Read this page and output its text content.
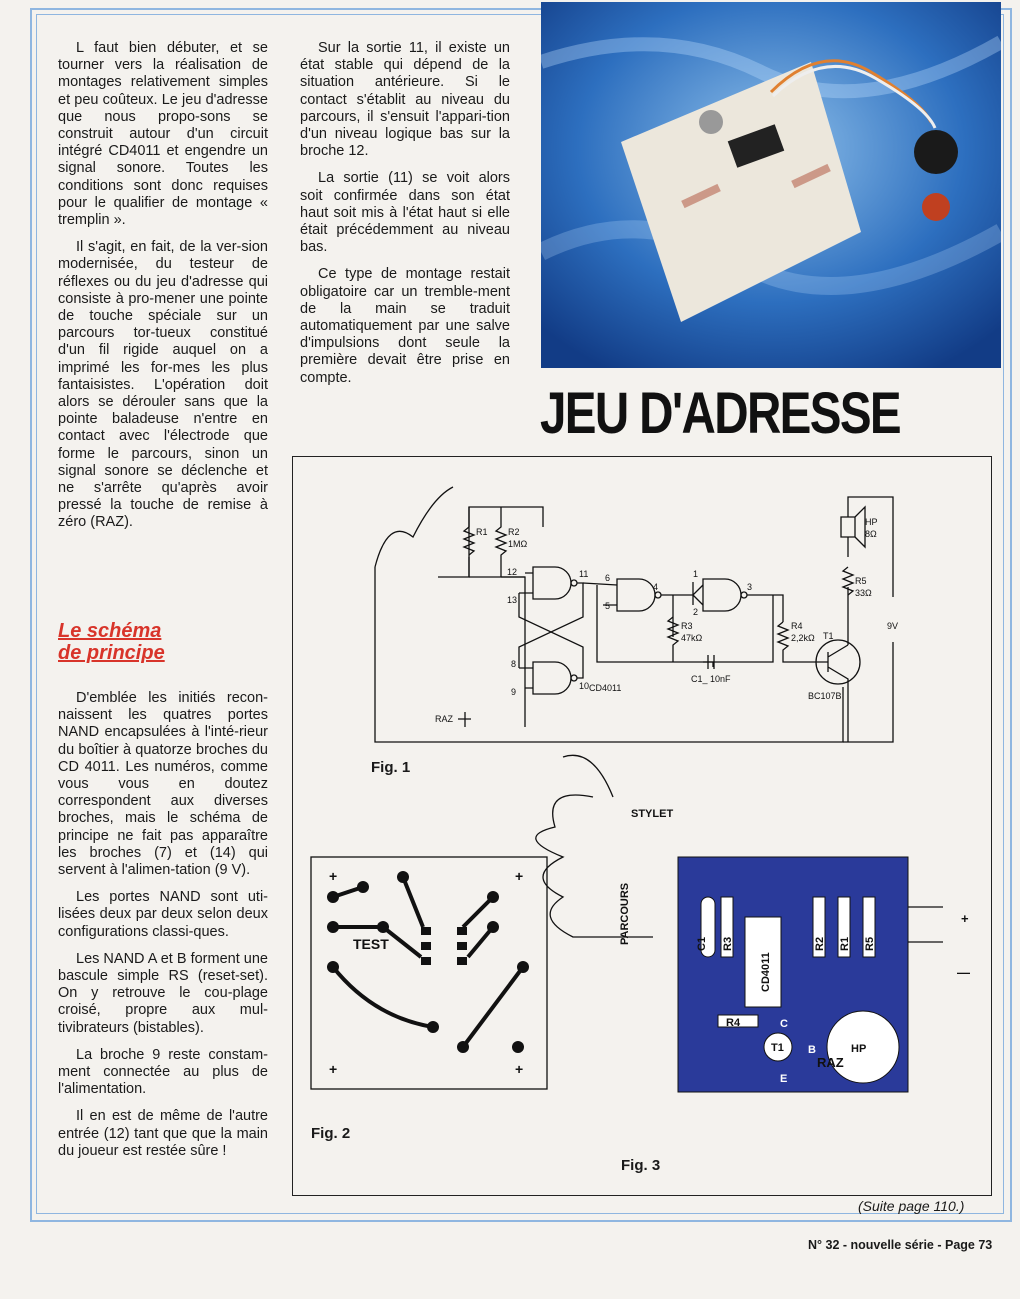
L faut bien débuter, et se tourner vers la réalisation de montages relativement simples et peu coûteux. Le jeu d'adresse que nous propo-sons se construit autour d'un circuit intégré CD4011 et engendre un signal sonore. Toutes les conditions sont donc requises pour le qualifier de montage « tremplin ».

Il s'agit, en fait, de la ver-sion modernisée, du testeur de réflexes ou du jeu d'adresse qui consiste à pro-mener une pointe de touche spéciale sur un parcours tor-tueux constitué d'un fil rigide auquel on a imprimé les for-mes les plus fantaisistes. L'opération doit alors se dérouler sans que la pointe baladeuse n'entre en contact avec l'électrode que forme le parcours, sinon un signal sonore se déclenche et ne s'arrête qu'après avoir pressé la touche de remise à zéro (RAZ).

Le schéma
de principe

D'emblée les initiés recon-naissent les quatres portes NAND encapsulées à l'inté-rieur du boîtier à quatorze broches du CD 4011. Les numéros, comme vous vous en doutez correspondent aux diverses broches, mais le schéma de principe ne fait pas apparaître les broches (7) et (14) qui servent à l'alimen-tation (9 V).

Les portes NAND sont uti-lisées deux par deux selon deux configurations classi-ques.

Les NAND A et B forment une bascule simple RS (reset-set). On y retrouve le cou-plage croisé, propre aux mul-tivibrateurs (bistables).

La broche 9 reste constam-ment connectée au plus de l'alimentation.

Il en est de même de l'autre entrée (12) tant que que la main du joueur est restée sûre !

Sur la sortie 11, il existe un état stable qui dépend de la situation antérieure. Si le contact s'établit au niveau du parcours, il s'ensuit l'appari-tion d'un niveau logique bas sur la broche 12.

La sortie (11) se voit alors soit confirmée dans son état haut soit mis à l'état haut si elle était précédemment au niveau bas.

Ce type de montage restait obligatoire car un tremble-ment de la main se traduit automatiquement par une salve d'impulsions dont seule la première devait être prise en compte.

JEU D'ADRESSE
R1 R2
1MΩ
R3
47kΩ
R4
2,2kΩ
R5
33Ω
HP
8Ω
T1
BC107B
C1_ 10nF
CD4011
RAZ
9V
12
13
11
8
9
10
6
5
4
1
2
3
TEST
+	+
+	+
STYLET
PARCOURS	C1 R3
CD4011
R2 R1 R5
R4
T1	HP
C
B
E
RAZ
+
—
Fig. 1
Fig. 2
Fig. 3
(Suite page 110.)
N° 32 - nouvelle série - Page 73
